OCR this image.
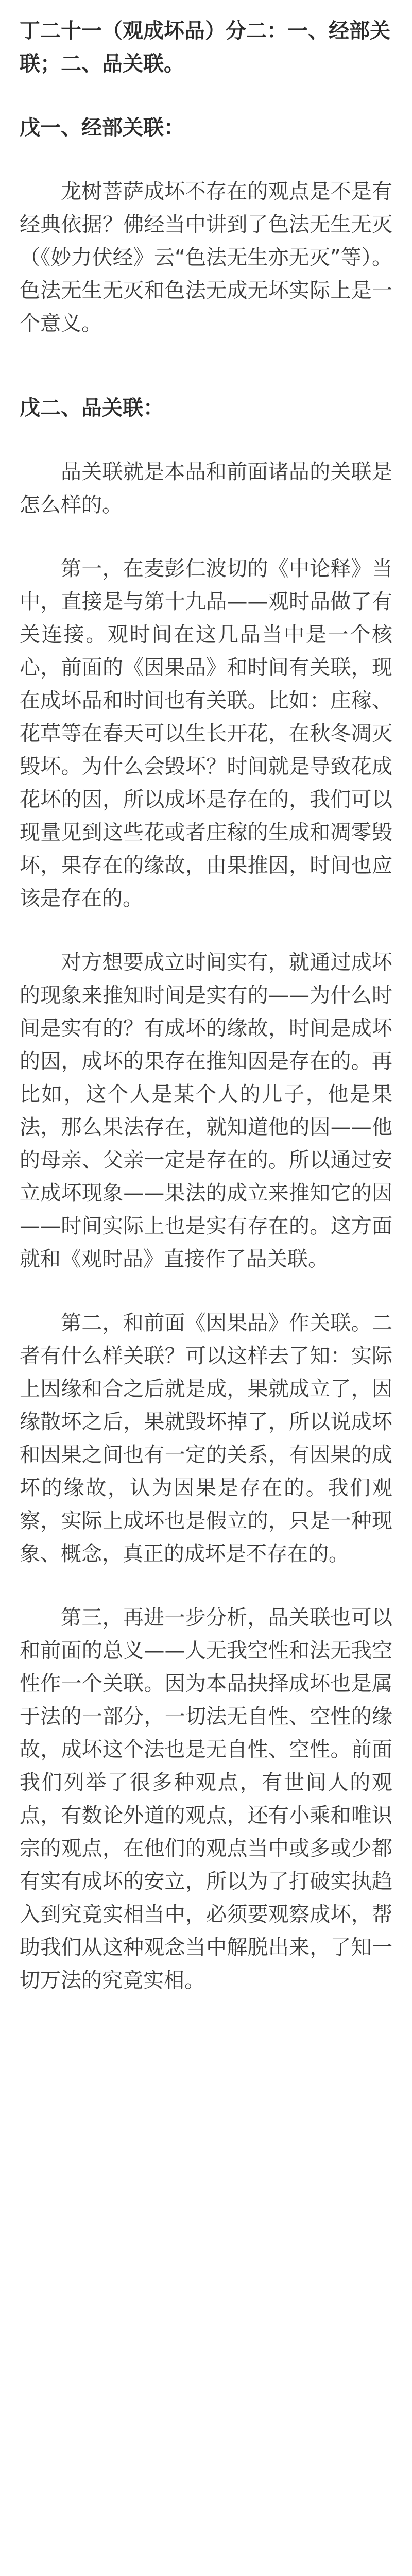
丁二十一（观成坏品）分二：一、经部关联；二、品关联。

戊一、经部关联：

龙树菩萨成坏不存在的观点是不是有经典依据？佛经当中讲到了色法无生无灭（《妙力伏经》云“色法无生亦无灭”等）。色法无生无灭和色法无成无坏实际上是一个意义。

戊二、品关联：

品关联就是本品和前面诸品的关联是怎么样的。

第一，在麦彭仁波切的《中论释》当中，直接是与第十九品——观时品做了有关连接。观时间在这几品当中是一个核心，前面的《因果品》和时间有关联，现在成坏品和时间也有关联。比如：庄稼、花草等在春天可以生长开花，在秋冬凋灭毁坏。为什么会毁坏？时间就是导致花成花坏的因，所以成坏是存在的，我们可以现量见到这些花或者庄稼的生成和凋零毁坏，果存在的缘故，由果推因，时间也应该是存在的。

对方想要成立时间实有，就通过成坏的现象来推知时间是实有的——为什么时间是实有的？有成坏的缘故，时间是成坏的因，成坏的果存在推知因是存在的。再比如，这个人是某个人的儿子，他是果法，那么果法存在，就知道他的因——他的母亲、父亲一定是存在的。所以通过安立成坏现象——果法的成立来推知它的因——时间实际上也是实有存在的。这方面就和《观时品》直接作了品关联。

第二，和前面《因果品》作关联。二者有什么样关联？可以这样去了知：实际上因缘和合之后就是成，果就成立了，因缘散坏之后，果就毁坏掉了，所以说成坏和因果之间也有一定的关系，有因果的成坏的缘故，认为因果是存在的。我们观察，实际上成坏也是假立的，只是一种现象、概念，真正的成坏是不存在的。

第三，再进一步分析，品关联也可以和前面的总义——人无我空性和法无我空性作一个关联。因为本品抉择成坏也是属于法的一部分，一切法无自性、空性的缘故，成坏这个法也是无自性、空性。前面我们列举了很多种观点，有世间人的观点，有数论外道的观点，还有小乘和唯识宗的观点，在他们的观点当中或多或少都有实有成坏的安立，所以为了打破实执趋入到究竟实相当中，必须要观察成坏，帮助我们从这种观念当中解脱出来，了知一切万法的究竟实相。
